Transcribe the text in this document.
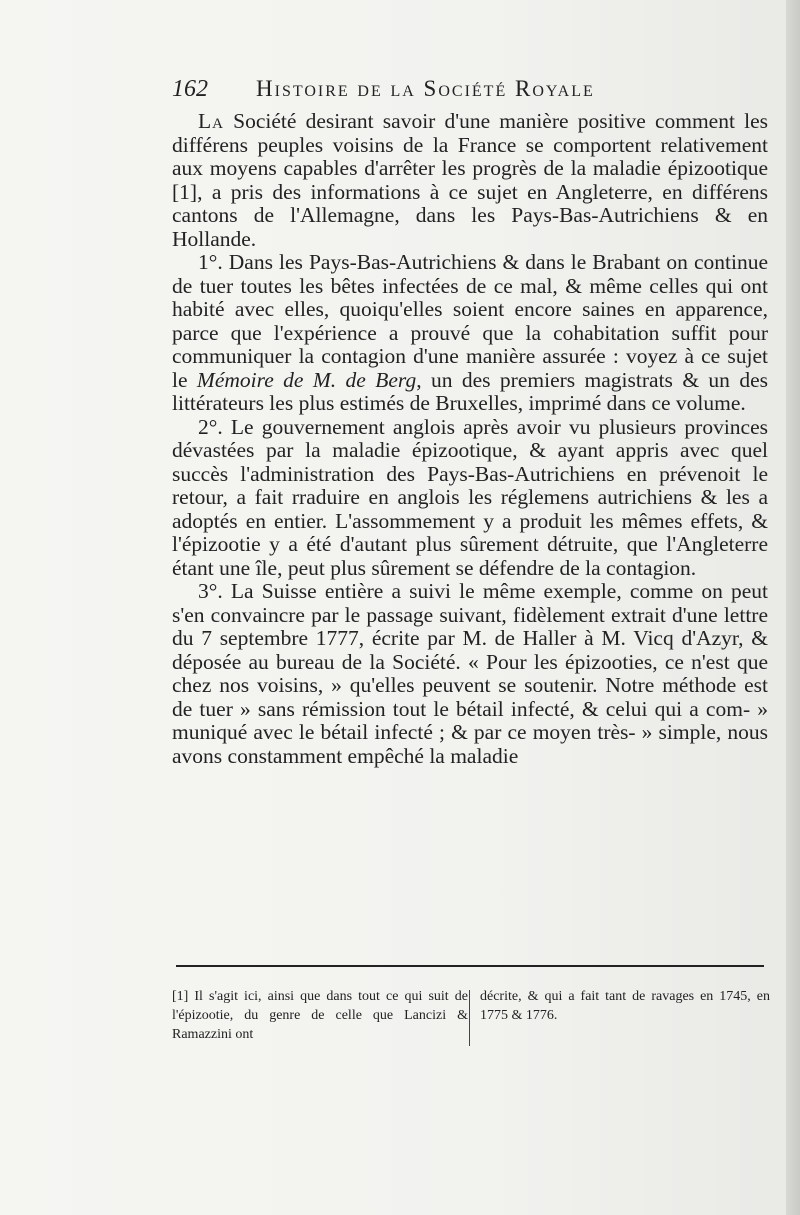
162 Histoire de la Société Royale

La Société desirant savoir d'une manière positive comment les différens peuples voisins de la France se comportent relativement aux moyens capables d'arrêter les progrès de la maladie épizootique [1], a pris des informations à ce sujet en Angleterre, en différens cantons de l'Allemagne, dans les Pays-Bas-Autrichiens & en Hollande.

1°. Dans les Pays-Bas-Autrichiens & dans le Brabant on continue de tuer toutes les bêtes infectées de ce mal, & même celles qui ont habité avec elles, quoiqu'elles soient encore saines en apparence, parce que l'expérience a prouvé que la cohabitation suffit pour communiquer la contagion d'une manière assurée : voyez à ce sujet le Mémoire de M. de Berg, un des premiers magistrats & un des littérateurs les plus estimés de Bruxelles, imprimé dans ce volume.

2°. Le gouvernement anglois après avoir vu plusieurs provinces dévastées par la maladie épizootique, & ayant appris avec quel succès l'administration des Pays-Bas-Autrichiens en prévenoit le retour, a fait rraduire en anglois les réglemens autrichiens & les a adoptés en entier. L'assommement y a produit les mêmes effets, & l'épizootie y a été d'autant plus sûrement détruite, que l'Angleterre étant une île, peut plus sûrement se défendre de la contagion.

3°. La Suisse entière a suivi le même exemple, comme on peut s'en convaincre par le passage suivant, fidèlement extrait d'une lettre du 7 septembre 1777, écrite par M. de Haller à M. Vicq d'Azyr, & déposée au bureau de la Société. « Pour les épizooties, ce n'est que chez nos voisins, » qu'elles peuvent se soutenir. Notre méthode est de tuer » sans rémission tout le bétail infecté, & celui qui a com- » muniqué avec le bétail infecté ; & par ce moyen très- » simple, nous avons constamment empêché la maladie

[1] Il s'agit ici, ainsi que dans tout ce qui suit de l'épizootie, du genre de celle que Lancizi & Ramazzini ont
décrite, & qui a fait tant de ravages en 1745, en 1775 & 1776.
